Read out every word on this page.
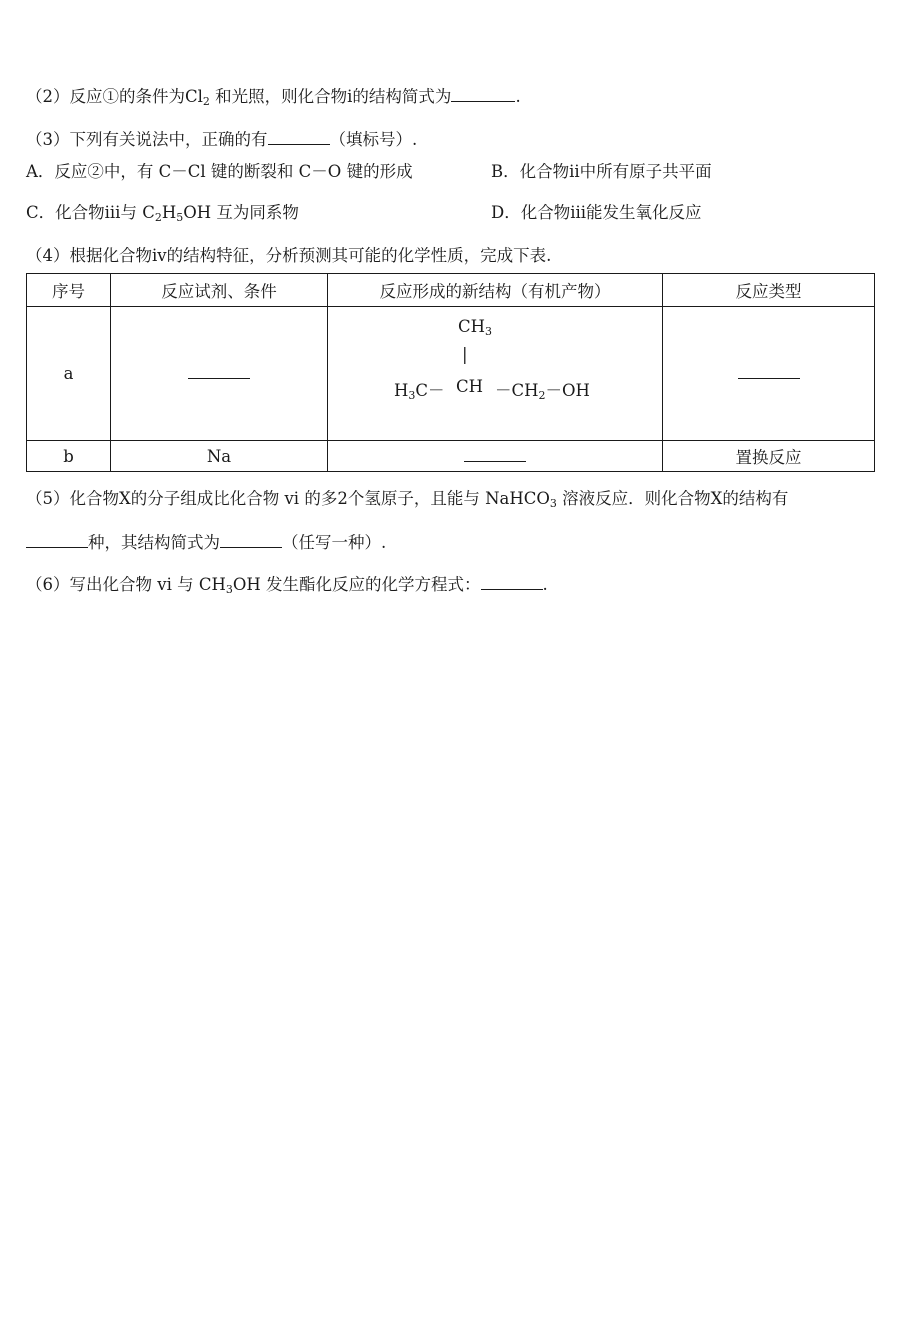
（2）反应①的条件为$Cl_2$ 和光照，则化合物i的结构简式为	.
（3）下列有关说法中，正确的有	（填标号）.
A．反应②中，有 C－Cl 键的断裂和 C－O 键的形成	B．化合物ii中所有原子共平面
C．化合物iii与 $C_2H_5OH$ 互为同系物	D．化合物iii能发生氧化反应
（4）根据化合物iv的结构特征，分析预测其可能的化学性质，完成下表.
序号	反应试剂、条件	反应形成的新结构（有机产物）	反应类型
a		$CH_3$
|
$H_3C-$ CH $-CH_2-OH$	

b	Na		置换反应
（5）化合物X的分子组成比化合物 vi 的多2个氢原子，且能与 NaHCO$_3$ 溶液反应．则化合物X的结构有
种，其结构简式为	（任写一种）.
（6）写出化合物 vi 与 $CH_3OH$ 发生酯化反应的化学方程式：	.
